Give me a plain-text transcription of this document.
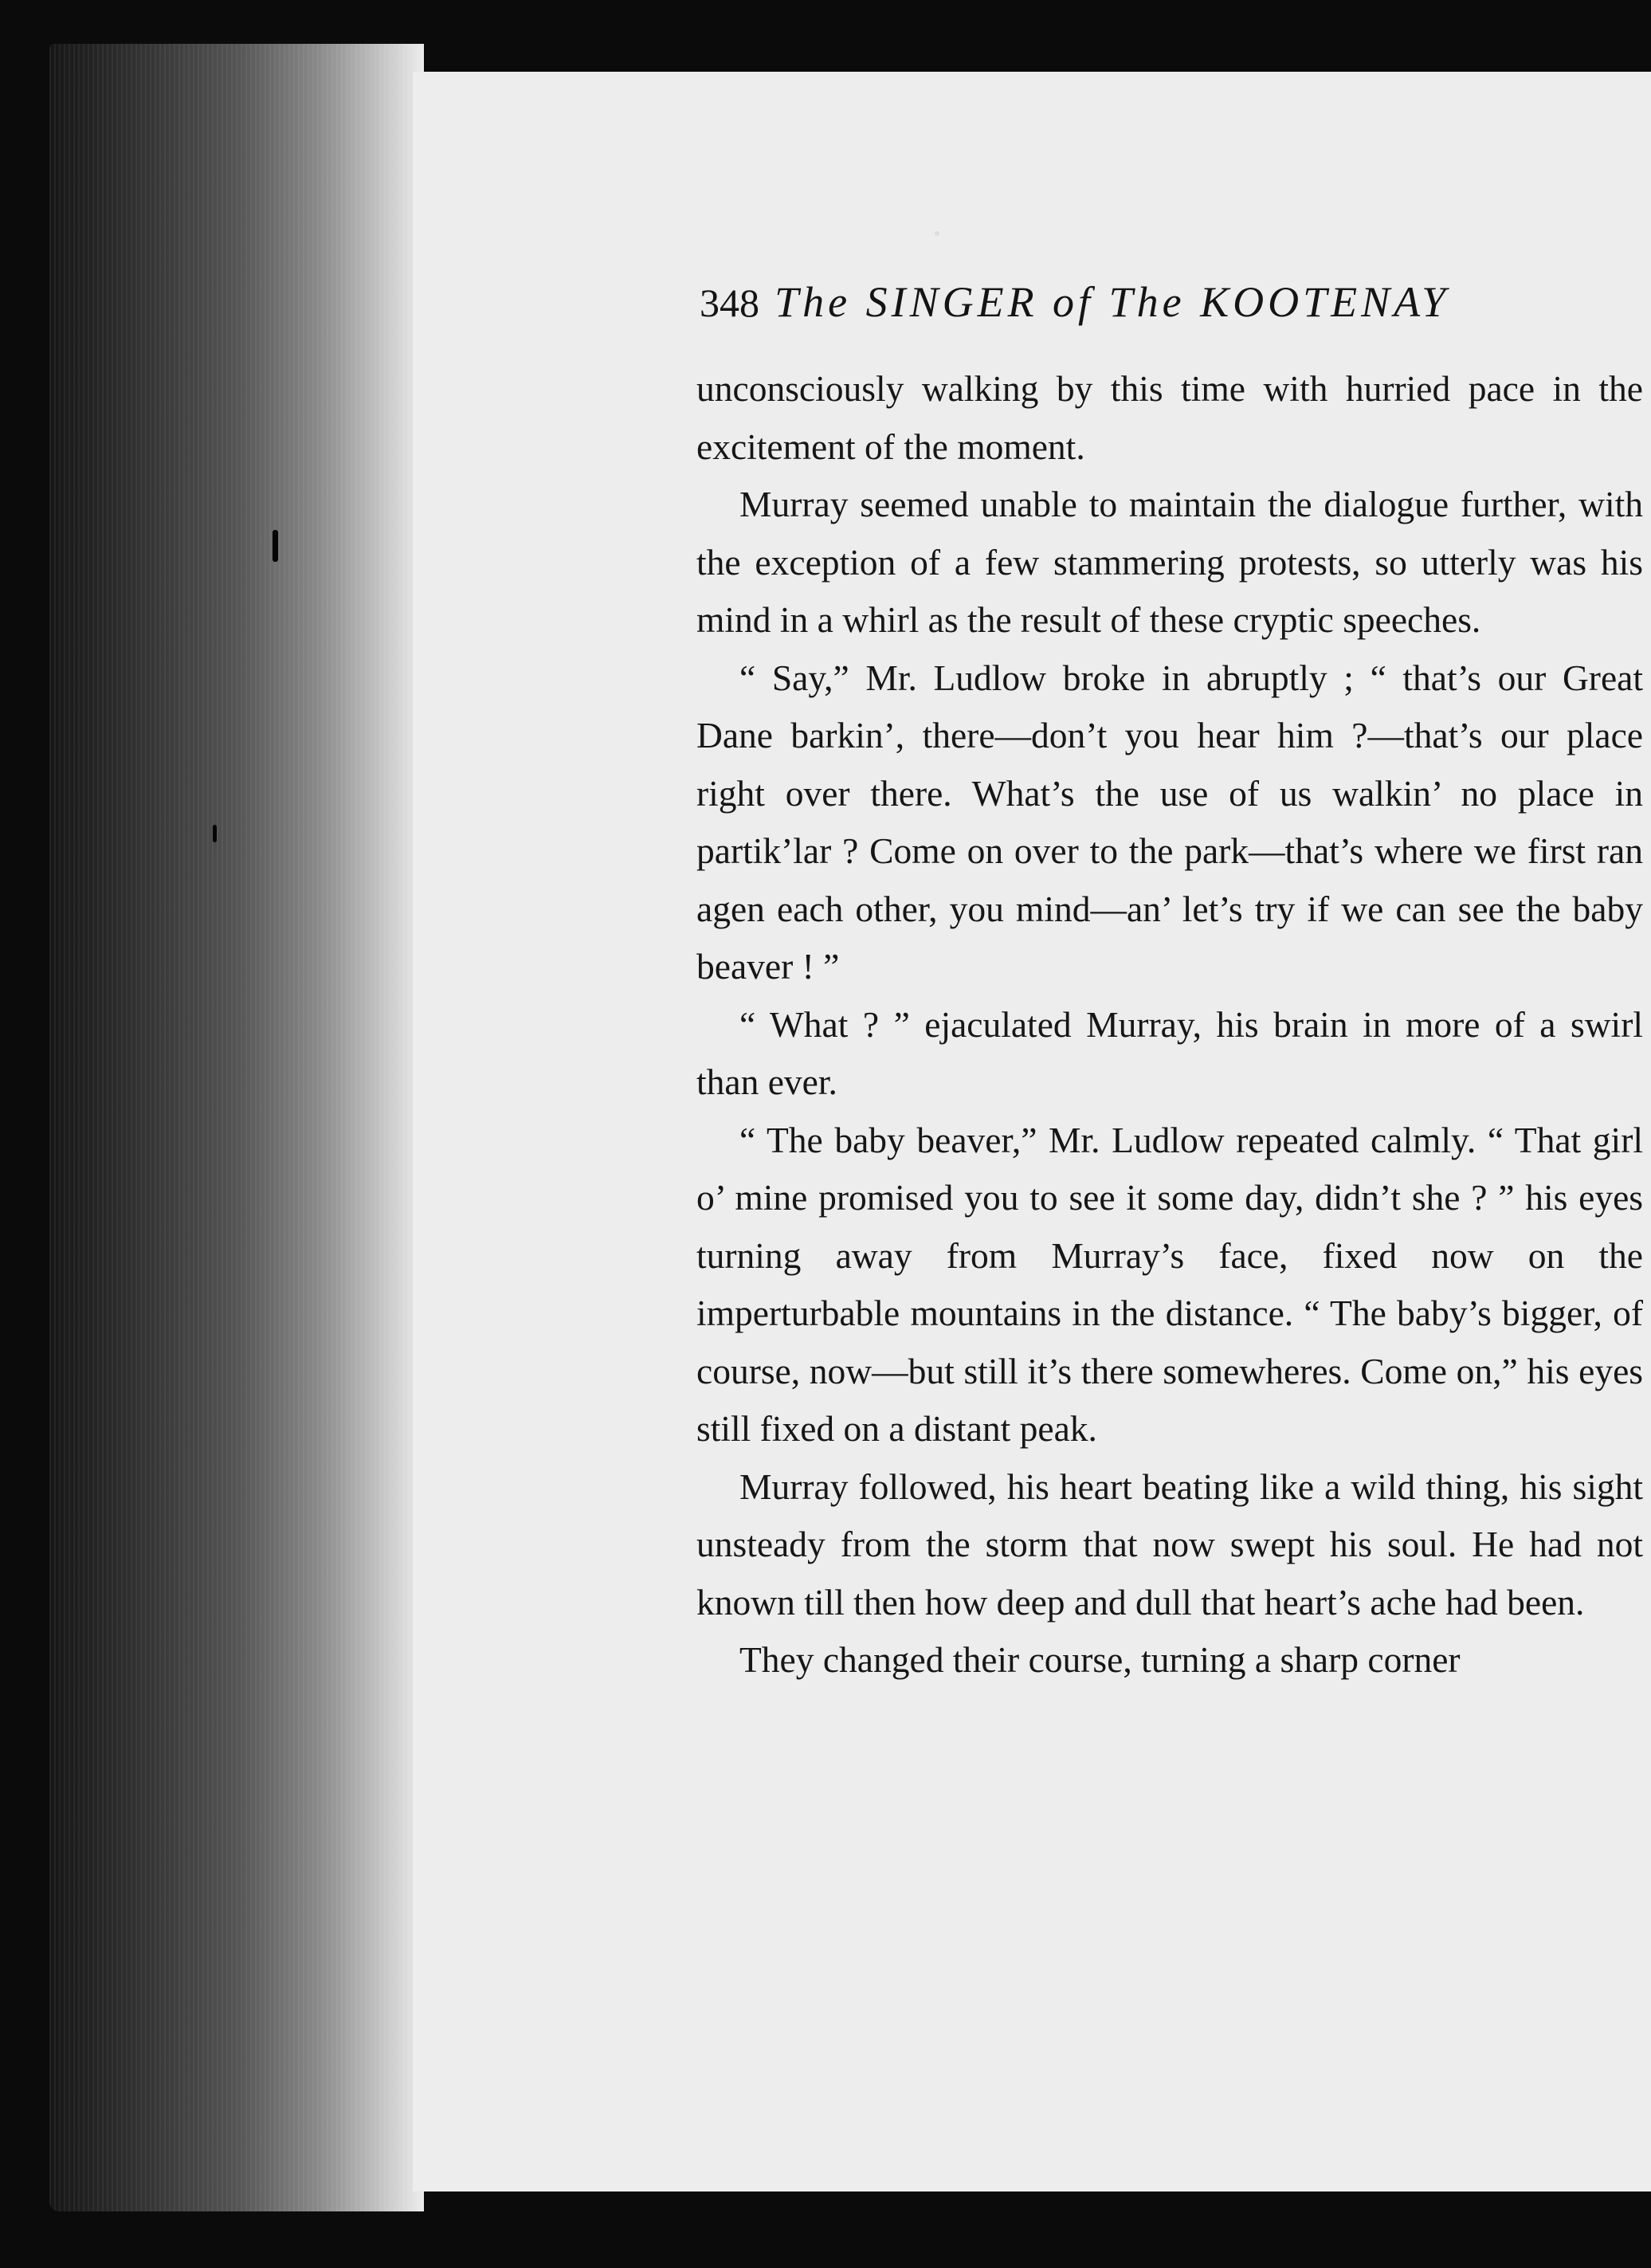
348 The SINGER of The KOOTENAY

unconsciously walking by this time with hurried pace in the excitement of the moment.

Murray seemed unable to maintain the dialogue further, with the exception of a few stammering protests, so utterly was his mind in a whirl as the result of these cryptic speeches.

“ Say,” Mr. Ludlow broke in abruptly ; “ that’s our Great Dane barkin’, there—don’t you hear him ?—that’s our place right over there. What’s the use of us walkin’ no place in partik’lar ? Come on over to the park—that’s where we first ran agen each other, you mind—an’ let’s try if we can see the baby beaver ! ”

“ What ? ” ejaculated Murray, his brain in more of a swirl than ever.

“ The baby beaver,” Mr. Ludlow repeated calmly. “ That girl o’ mine promised you to see it some day, didn’t she ? ” his eyes turning away from Murray’s face, fixed now on the imperturbable mountains in the distance. “ The baby’s bigger, of course, now—but still it’s there somewheres. Come on,” his eyes still fixed on a distant peak.

Murray followed, his heart beating like a wild thing, his sight unsteady from the storm that now swept his soul. He had not known till then how deep and dull that heart’s ache had been.

They changed their course, turning a sharp corner
